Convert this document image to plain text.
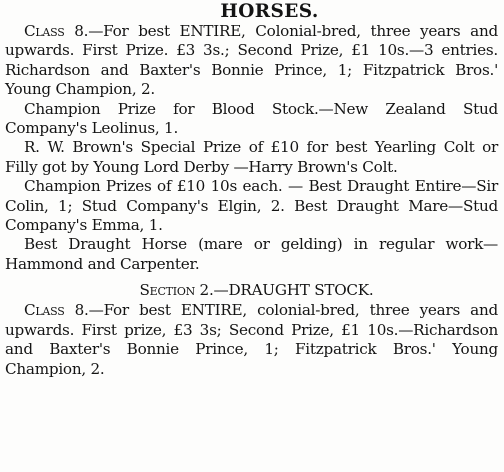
HORSES.

Class 8.—For best ENTIRE, Colonial-bred, three years and upwards. First Prize. £3 3s.; Second Prize, £1 10s.—3 entries. Richardson and Baxter's Bonnie Prince, 1; Fitzpatrick Bros.' Young Champion, 2.

Champion Prize for Blood Stock.—New Zealand Stud Company's Leolinus, 1.

R. W. Brown's Special Prize of £10 for best Yearling Colt or Filly got by Young Lord Derby —Harry Brown's Colt.

Champion Prizes of £10 10s each. — Best Draught Entire—Sir Colin, 1; Stud Company's Elgin, 2. Best Draught Mare—Stud Company's Emma, 1.

Best Draught Horse (mare or gelding) in regular work—Hammond and Carpenter.

Section 2.—DRAUGHT STOCK.

Class 8.—For best ENTIRE, colonial-bred, three years and upwards. First prize, £3 3s; Second Prize, £1 10s.—Richardson and Baxter's Bonnie Prince, 1; Fitzpatrick Bros.' Young Champion, 2.
